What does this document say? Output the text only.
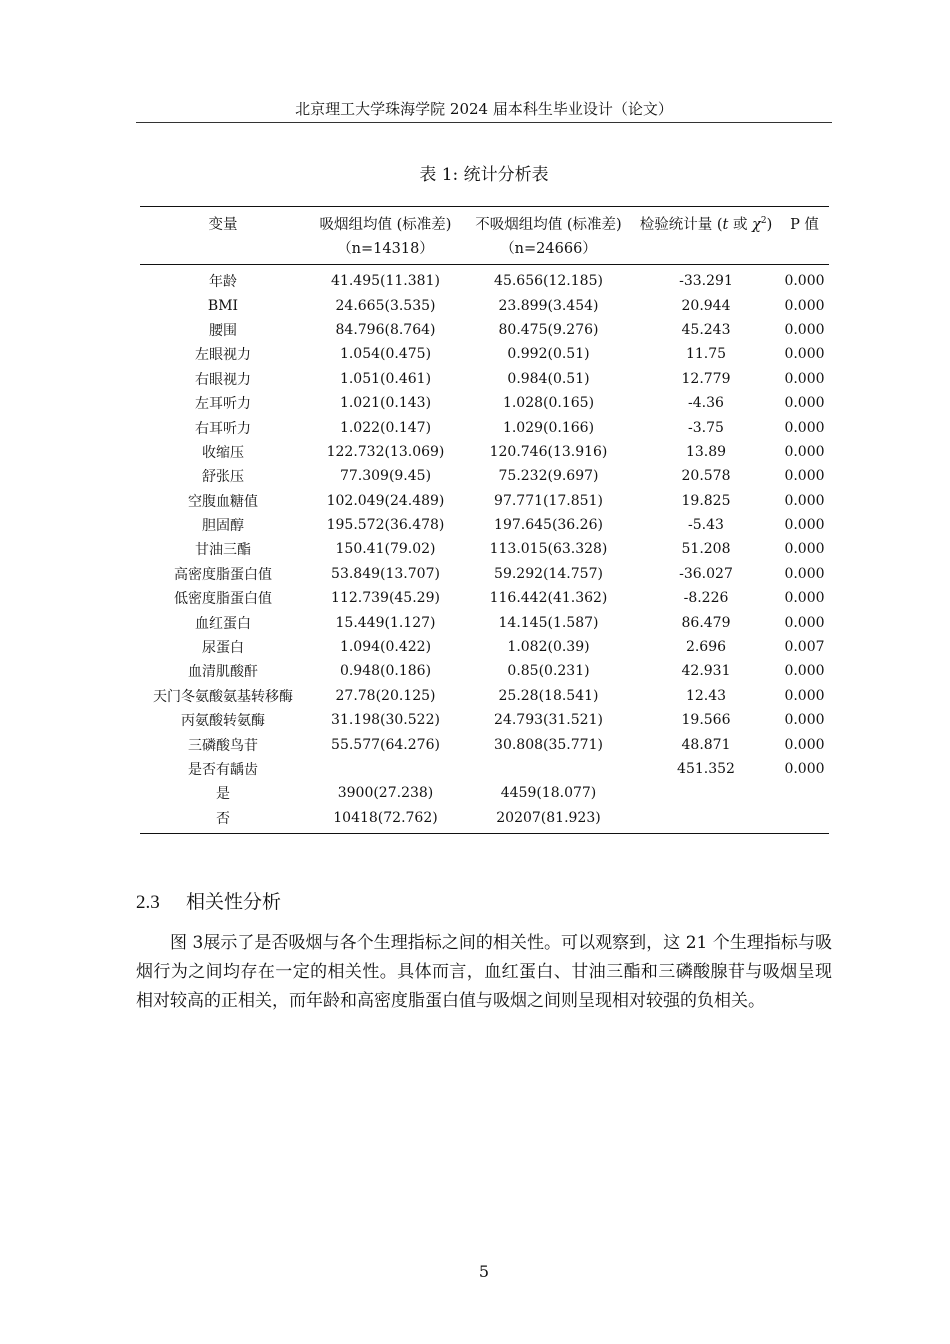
北京理工大学珠海学院 2024 届本科生毕业设计（论文）
表 1: 统计分析表
变量	吸烟组均值 (标准差)	不吸烟组均值 (标准差)	检验统计量 (t 或 $\chi^2$)	P 值
	（n=14318）	（n=24666）		
年龄	41.495(11.381)	45.656(12.185)	-33.291	0.000
BMI	24.665(3.535)	23.899(3.454)	20.944	0.000
腰围	84.796(8.764)	80.475(9.276)	45.243	0.000
左眼视力	1.054(0.475)	0.992(0.51)	11.75	0.000
右眼视力	1.051(0.461)	0.984(0.51)	12.779	0.000
左耳听力	1.021(0.143)	1.028(0.165)	-4.36	0.000
右耳听力	1.022(0.147)	1.029(0.166)	-3.75	0.000
收缩压	122.732(13.069)	120.746(13.916)	13.89	0.000
舒张压	77.309(9.45)	75.232(9.697)	20.578	0.000
空腹血糖值	102.049(24.489)	97.771(17.851)	19.825	0.000
胆固醇	195.572(36.478)	197.645(36.26)	-5.43	0.000
甘油三酯	150.41(79.02)	113.015(63.328)	51.208	0.000
高密度脂蛋白值	53.849(13.707)	59.292(14.757)	-36.027	0.000
低密度脂蛋白值	112.739(45.29)	116.442(41.362)	-8.226	0.000
血红蛋白	15.449(1.127)	14.145(1.587)	86.479	0.000
尿蛋白	1.094(0.422)	1.082(0.39)	2.696	0.007
血清肌酸酐	0.948(0.186)	0.85(0.231)	42.931	0.000
天门冬氨酸氨基转移酶	27.78(20.125)	25.28(18.541)	12.43	0.000
丙氨酸转氨酶	31.198(30.522)	24.793(31.521)	19.566	0.000
三磷酸鸟苷	55.577(64.276)	30.808(35.771)	48.871	0.000
是否有龋齿			451.352	0.000
是	3900(27.238)	4459(18.077)		
否	10418(72.762)	20207(81.923)		
2.3 相关性分析
图 3展示了是否吸烟与各个生理指标之间的相关性。可以观察到，这 21 个生理指标与吸烟行为之间均存在一定的相关性。具体而言，血红蛋白、甘油三酯和三磷酸腺苷与吸烟呈现相对较高的正相关，而年龄和高密度脂蛋白值与吸烟之间则呈现相对较强的负相关。
5
